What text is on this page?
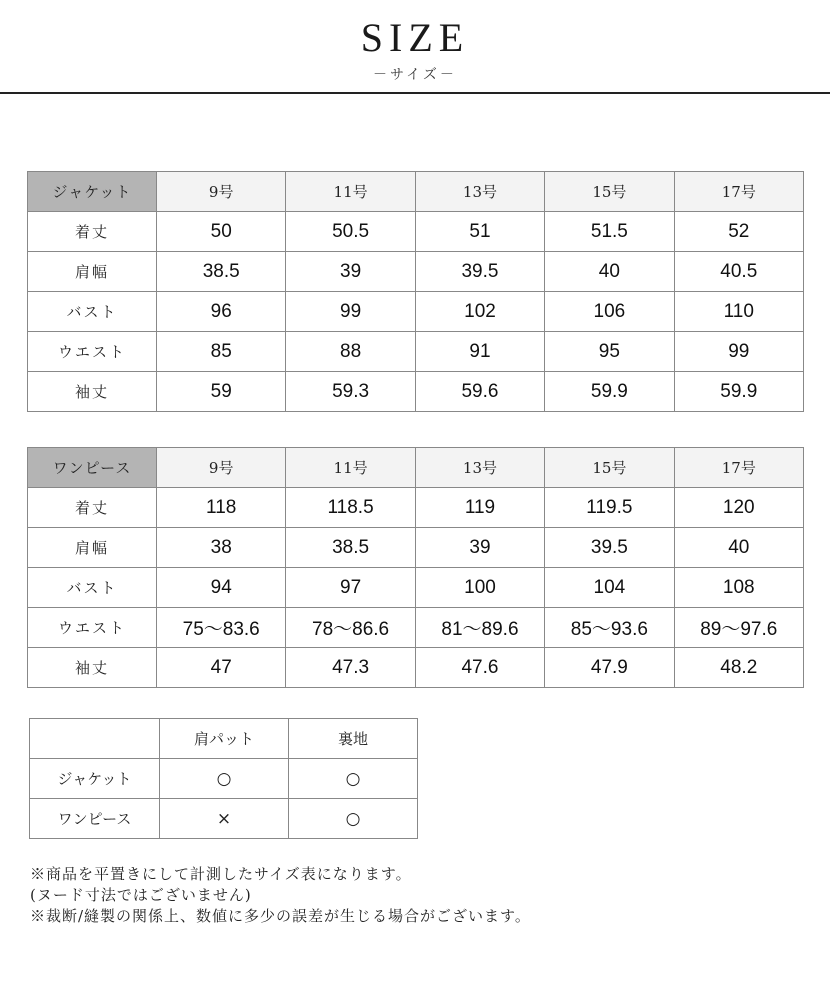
SIZE
－サイズ－
ジャケット	9号	11号	13号	15号	17号
着丈	50	50.5	51	51.5	52
肩幅	38.5	39	39.5	40	40.5
バスト	96	99	102	106	110
ウエスト	85	88	91	95	99
袖丈	59	59.3	59.6	59.9	59.9
ワンピース	9号	11号	13号	15号	17号
着丈	118	118.5	119	119.5	120
肩幅	38	38.5	39	39.5	40
バスト	94	97	100	104	108
ウエスト	75～83.6	78～86.6	81～89.6	85～93.6	89～97.6
袖丈	47	47.3	47.6	47.9	48.2
	肩パット	裏地
ジャケット	○	○
ワンピース	×	○
※商品を平置きにして計測したサイズ表になります。
(ヌード寸法ではございません)
※裁断/縫製の関係上、数値に多少の誤差が生じる場合がございます。
